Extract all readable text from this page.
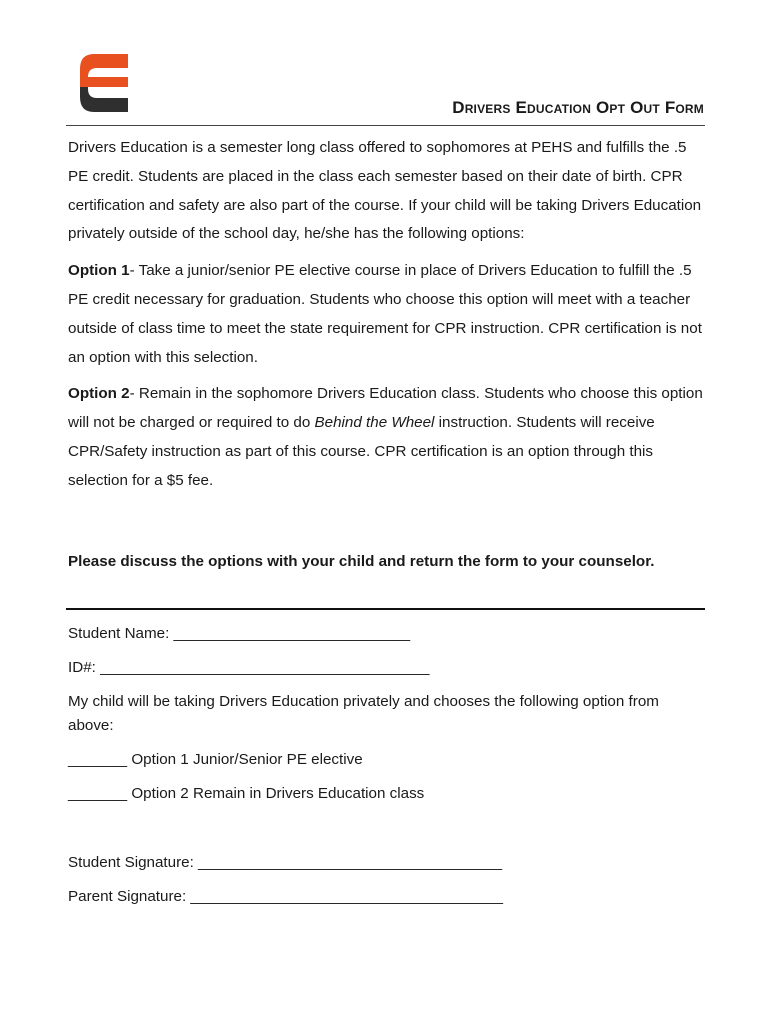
Drivers Education Opt Out Form

Drivers Education is a semester long class offered to sophomores at PEHS and fulfills the .5 PE credit. Students are placed in the class each semester based on their date of birth. CPR certification and safety are also part of the course. If your child will be taking Drivers Education privately outside of the school day, he/she has the following options:

Option 1- Take a junior/senior PE elective course in place of Drivers Education to fulfill the .5 PE credit necessary for graduation. Students who choose this option will meet with a teacher outside of class time to meet the state requirement for CPR instruction. CPR certification is not an option with this selection.

Option 2- Remain in the sophomore Drivers Education class. Students who choose this option will not be charged or required to do Behind the Wheel instruction. Students will receive CPR/Safety instruction as part of this course. CPR certification is an option through this selection for a $5 fee.

Please discuss the options with your child and return the form to your counselor.
Student Name: ____________________________
ID#: _______________________________________
My child will be taking Drivers Education privately and chooses the following option from above:
_______ Option 1 Junior/Senior PE elective
_______ Option 2 Remain in Drivers Education class
Student Signature: ____________________________________
Parent Signature: _____________________________________
